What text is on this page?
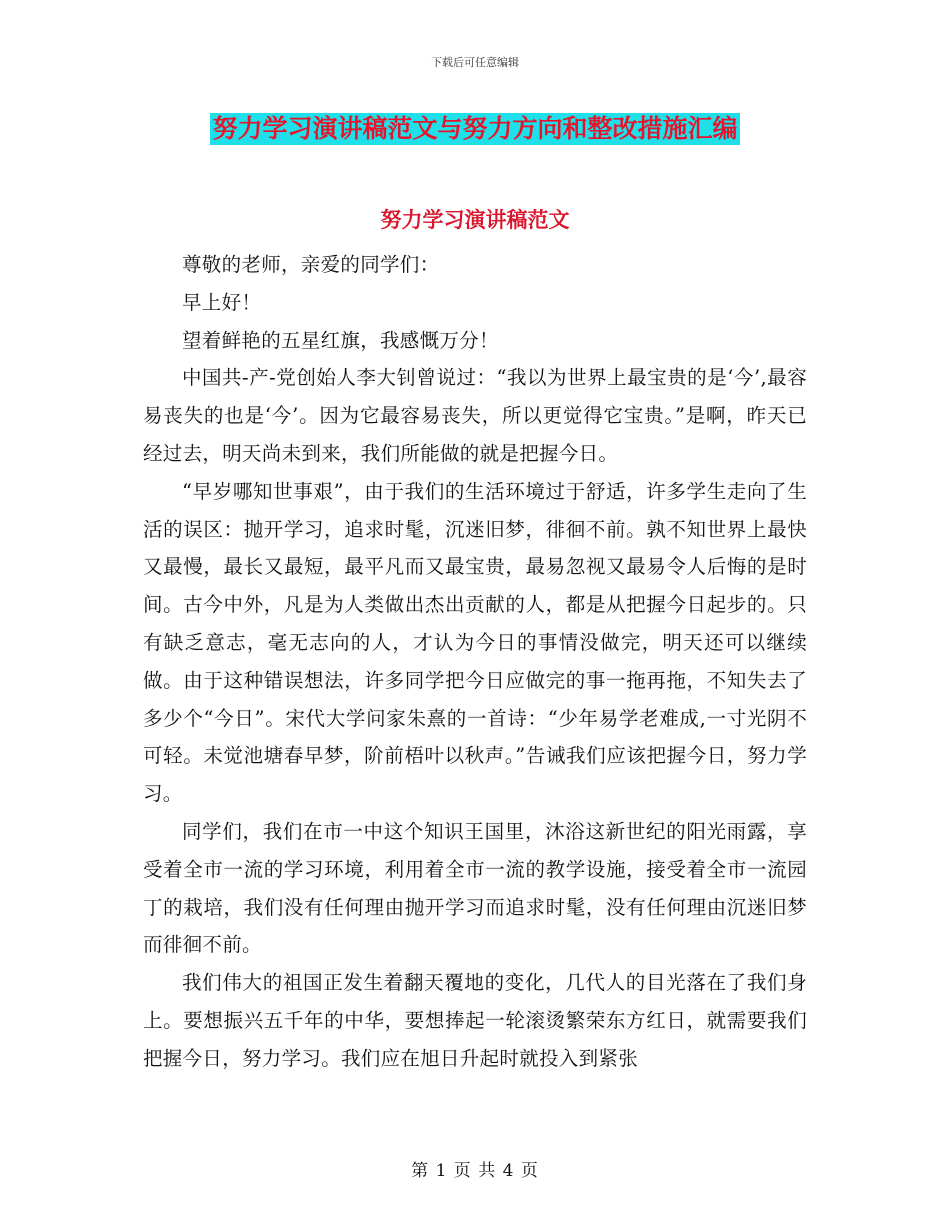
下载后可任意编辑
努力学习演讲稿范文与努力方向和整改措施汇编
努力学习演讲稿范文

尊敬的老师，亲爱的同学们：

早上好！

望着鲜艳的五星红旗，我感慨万分！

中国共-产-党创始人李大钊曾说过：“我以为世界上最宝贵的是‘今’,最容易丧失的也是‘今’。因为它最容易丧失，所以更觉得它宝贵。”是啊，昨天已经过去，明天尚未到来，我们所能做的就是把握今日。

“早岁哪知世事艰”，由于我们的生活环境过于舒适，许多学生走向了生活的误区：抛开学习，追求时髦，沉迷旧梦，徘徊不前。孰不知世界上最快又最慢，最长又最短，最平凡而又最宝贵，最易忽视又最易令人后悔的是时间。古今中外，凡是为人类做出杰出贡献的人，都是从把握今日起步的。只有缺乏意志，毫无志向的人，才认为今日的事情没做完，明天还可以继续做。由于这种错误想法，许多同学把今日应做完的事一拖再拖，不知失去了多少个“今日”。宋代大学问家朱熹的一首诗：“少年易学老难成,一寸光阴不可轻。未觉池塘春早梦，阶前梧叶以秋声。”告诫我们应该把握今日，努力学习。

同学们，我们在市一中这个知识王国里，沐浴这新世纪的阳光雨露，享受着全市一流的学习环境，利用着全市一流的教学设施，接受着全市一流园丁的栽培，我们没有任何理由抛开学习而追求时髦，没有任何理由沉迷旧梦而徘徊不前。

我们伟大的祖国正发生着翻天覆地的变化，几代人的目光落在了我们身上。要想振兴五千年的中华，要想捧起一轮滚烫繁荣东方红日，就需要我们把握今日，努力学习。我们应在旭日升起时就投入到紧张

第 1 页 共 4 页
